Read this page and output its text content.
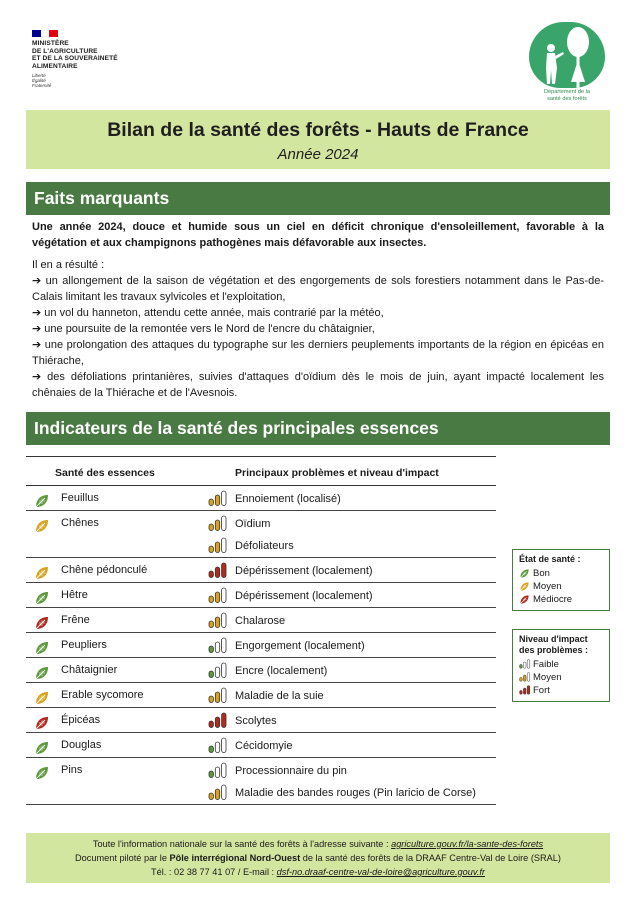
MINISTÈRE
DE L'AGRICULTURE
ET DE LA SOUVERAINETÉ
ALIMENTAIRE
Liberté
Égalité
Fraternité
Département de la
santé des forêts
Bilan de la santé des forêts - Hauts de France
Année 2024
Faits marquants
Une année 2024, douce et humide sous un ciel en déficit chronique d'ensoleillement, favorable à la végétation et aux champignons pathogènes mais défavorable aux insectes.
Il en a résulté :
➔ un allongement de la saison de végétation et des engorgements de sols forestiers notamment dans le Pas-de-Calais limitant les travaux sylvicoles et l'exploitation,
➔ un vol du hanneton, attendu cette année, mais contrarié par la météo,
➔ une poursuite de la remontée vers le Nord de l'encre du châtaignier,
➔ une prolongation des attaques du typographe sur les derniers peuplements importants de la région en épicéas en Thiérache,
➔ des défoliations printanières, suivies d'attaques d'oïdium dès le mois de juin, ayant impacté localement les chênaies de la Thiérache et de l'Avesnois.
Indicateurs de la santé des principales essences
Santé des essences	Principaux problèmes et niveau d'impact
Feuillus	Ennoiement (localisé)
Chênes	Oïdium
Défoliateurs
Chêne pédonculé	Dépérissement (localement)
Hêtre	Dépérissement (localement)
Frêne	Chalarose
Peupliers	Engorgement (localement)
Châtaignier	Encre (localement)
Erable sycomore	Maladie de la suie
Épicéas	Scolytes
Douglas	Cécidomyie
Pins	Processionnaire du pin
Maladie des bandes rouges (Pin laricio de Corse)
État de santé :
Bon
Moyen
Médiocre
Niveau d'impact
des problèmes :
Faible
Moyen
Fort
Toute l'information nationale sur la santé des forêts à l'adresse suivante : agriculture.gouv.fr/la-sante-des-forets
Document piloté par le Pôle interrégional Nord-Ouest de la santé des forêts de la DRAAF Centre-Val de Loire (SRAL)
Tél. : 02 38 77 41 07 / E-mail : dsf-no.draaf-centre-val-de-loire@agriculture.gouv.fr
